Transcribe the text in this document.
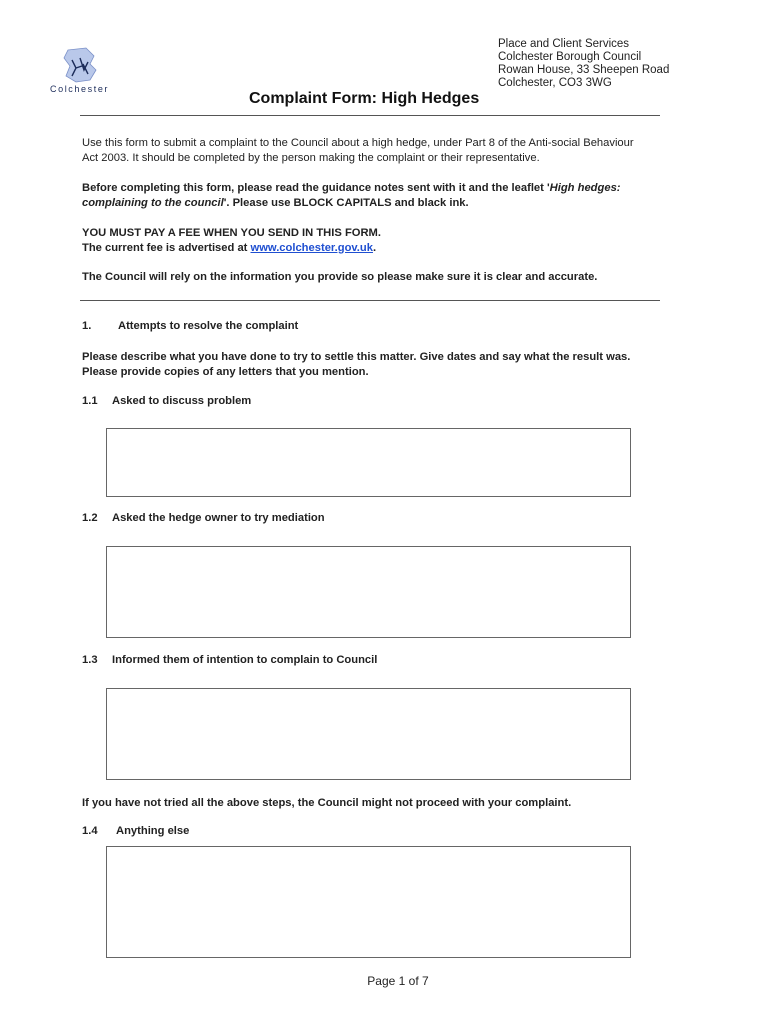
Colchester
Place and Client Services
Colchester Borough Council
Rowan House, 33 Sheepen Road
Colchester, CO3 3WG
Complaint Form: High Hedges
Use this form to submit a complaint to the Council about a high hedge, under Part 8 of the Anti-social Behaviour
Act 2003. It should be completed by the person making the complaint or their representative.
Before completing this form, please read the guidance notes sent with it and the leaflet 'High hedges: complaining to the council'. Please use BLOCK CAPITALS and black ink.
YOU MUST PAY A FEE WHEN YOU SEND IN THIS FORM.
The current fee is advertised at www.colchester.gov.uk.
The Council will rely on the information you provide so please make sure it is clear and accurate.
1. Attempts to resolve the complaint
Please describe what you have done to try to settle this matter. Give dates and say what the result was.
Please provide copies of any letters that you mention.
1.1 Asked to discuss problem
1.2 Asked the hedge owner to try mediation
1.3 Informed them of intention to complain to Council
If you have not tried all the above steps, the Council might not proceed with your complaint.
1.4 Anything else
Page 1 of 7
